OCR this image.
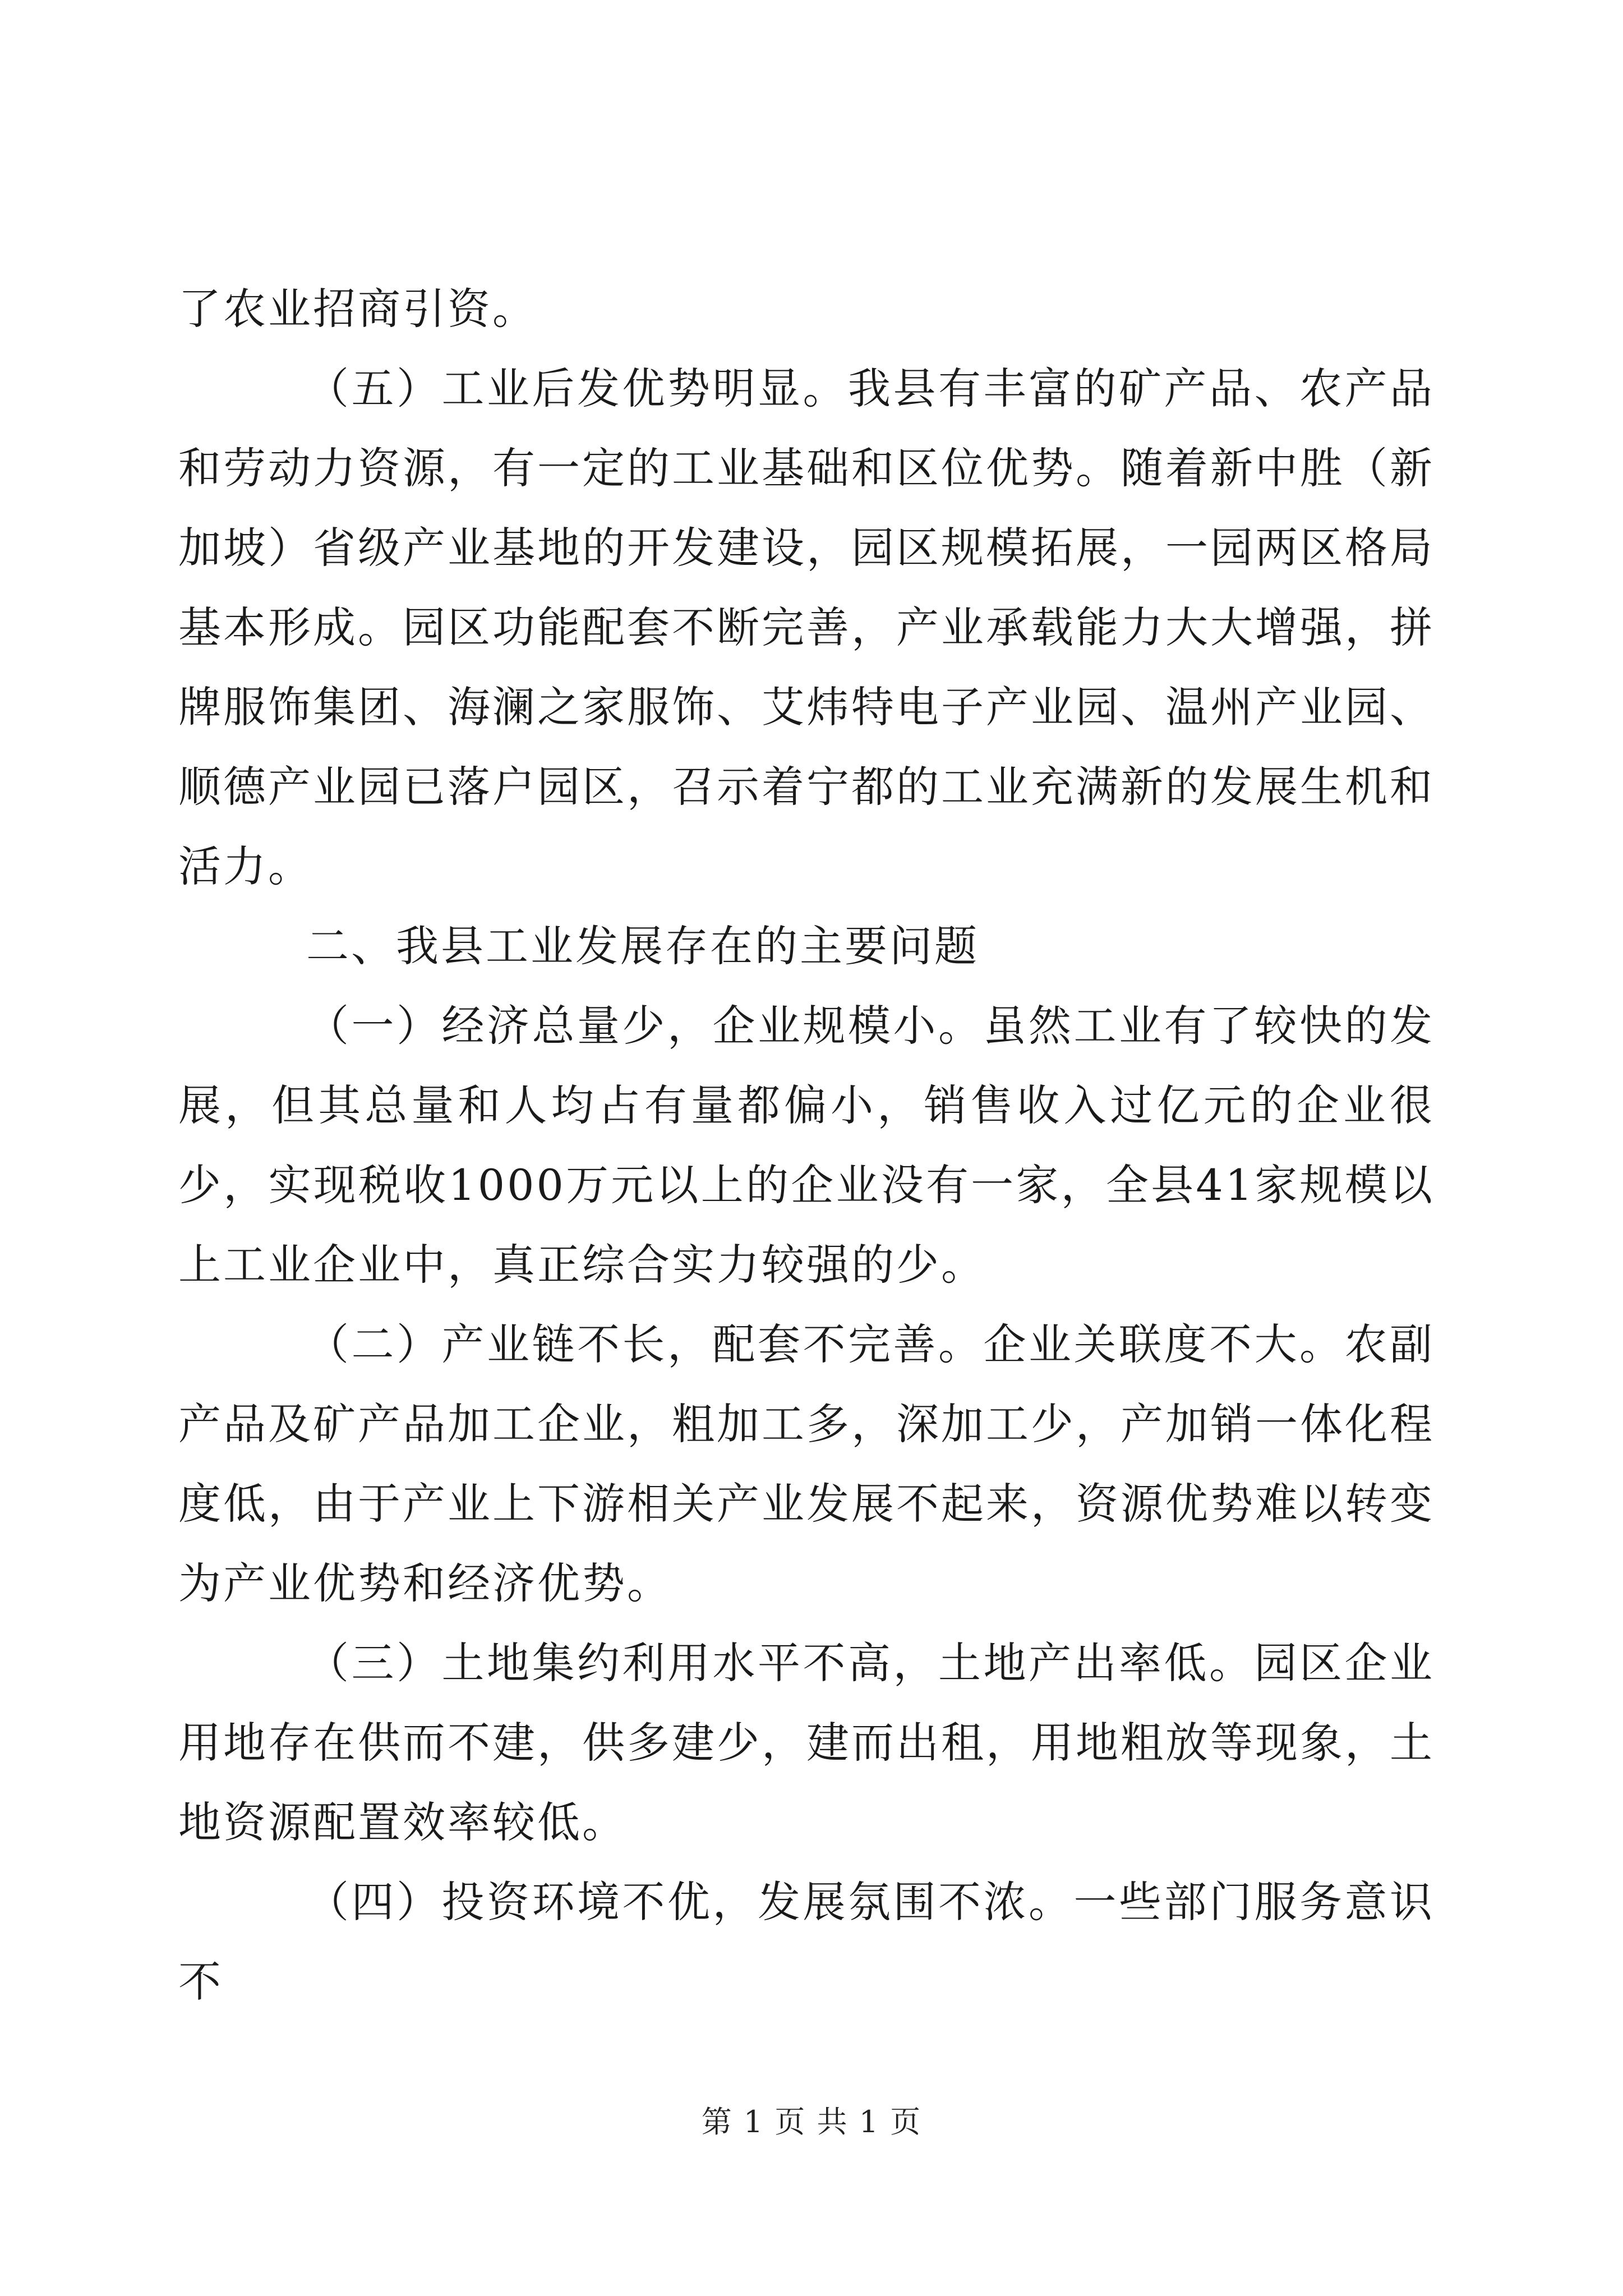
了农业招商引资。

（五）工业后发优势明显。我县有丰富的矿产品、农产品和劳动力资源，有一定的工业基础和区位优势。随着新中胜（新加坡）省级产业基地的开发建设，园区规模拓展，一园两区格局基本形成。园区功能配套不断完善，产业承载能力大大增强，拼牌服饰集团、海澜之家服饰、艾炜特电子产业园、温州产业园、顺德产业园已落户园区，召示着宁都的工业充满新的发展生机和活力。

二、我县工业发展存在的主要问题

（一）经济总量少，企业规模小。虽然工业有了较快的发展，但其总量和人均占有量都偏小，销售收入过亿元的企业很少，实现税收1000万元以上的企业没有一家，全县41家规模以上工业企业中，真正综合实力较强的少。

（二）产业链不长，配套不完善。企业关联度不大。农副产品及矿产品加工企业，粗加工多，深加工少，产加销一体化程度低，由于产业上下游相关产业发展不起来，资源优势难以转变为产业优势和经济优势。

（三）土地集约利用水平不高，土地产出率低。园区企业用地存在供而不建，供多建少，建而出租，用地粗放等现象，土地资源配置效率较低。

（四）投资环境不优，发展氛围不浓。一些部门服务意识不

第 1 页 共 1 页
